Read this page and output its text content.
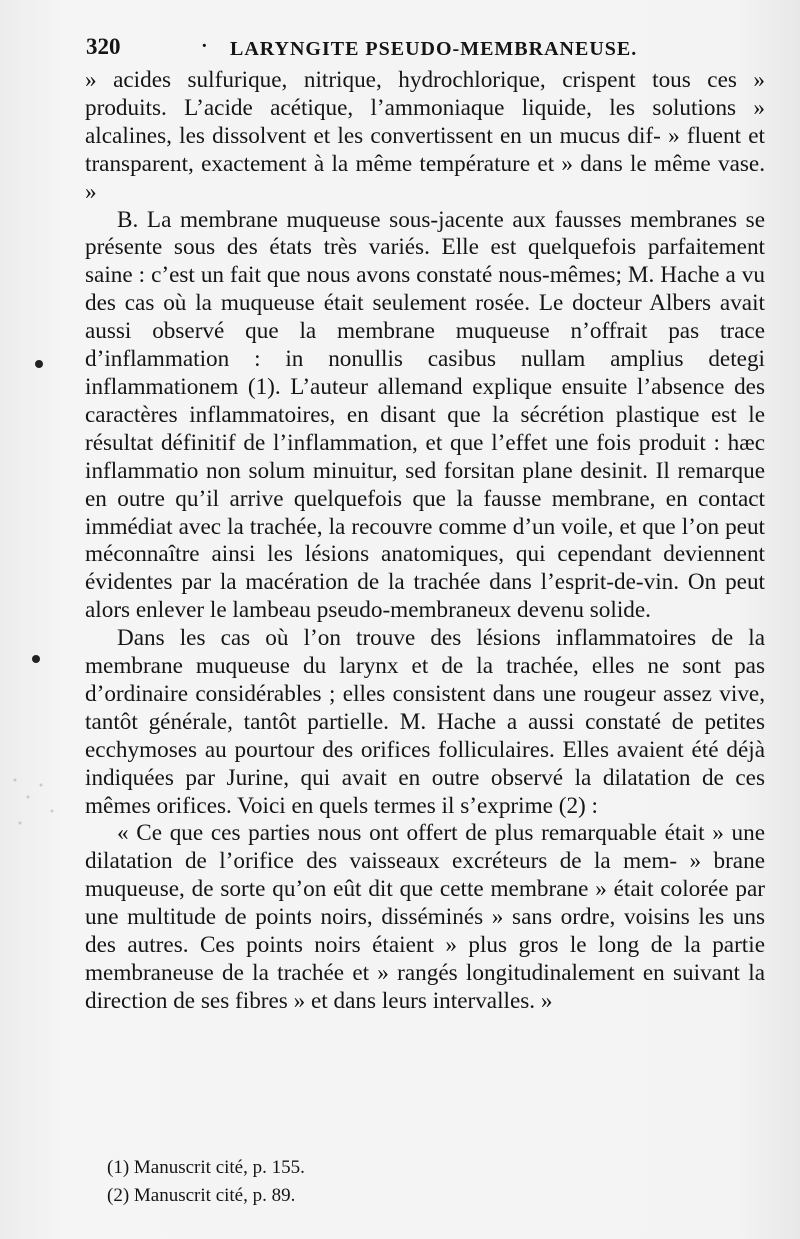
320	· LARYNGITE PSEUDO-MEMBRANEUSE.

» acides sulfurique, nitrique, hydrochlorique, crispent tous ces » produits. L’acide acétique, l’ammoniaque liquide, les solutions » alcalines, les dissolvent et les convertissent en un mucus dif- » fluent et transparent, exactement à la même température et » dans le même vase. »

B. La membrane muqueuse sous-jacente aux fausses membranes se présente sous des états très variés. Elle est quelquefois parfaitement saine : c’est un fait que nous avons constaté nous-mêmes; M. Hache a vu des cas où la muqueuse était seulement rosée. Le docteur Albers avait aussi observé que la membrane muqueuse n’offrait pas trace d’inflammation : in nonullis casibus nullam amplius detegi inflammationem (1). L’auteur allemand explique ensuite l’absence des caractères inflammatoires, en disant que la sécrétion plastique est le résultat définitif de l’inflammation, et que l’effet une fois produit : hæc inflammatio non solum minuitur, sed forsitan plane desinit. Il remarque en outre qu’il arrive quelquefois que la fausse membrane, en contact immédiat avec la trachée, la recouvre comme d’un voile, et que l’on peut méconnaître ainsi les lésions anatomiques, qui cependant deviennent évidentes par la macération de la trachée dans l’esprit-de-vin. On peut alors enlever le lambeau pseudo-membraneux devenu solide.

Dans les cas où l’on trouve des lésions inflammatoires de la membrane muqueuse du larynx et de la trachée, elles ne sont pas d’ordinaire considérables ; elles consistent dans une rougeur assez vive, tantôt générale, tantôt partielle. M. Hache a aussi constaté de petites ecchymoses au pourtour des orifices folliculaires. Elles avaient été déjà indiquées par Jurine, qui avait en outre observé la dilatation de ces mêmes orifices. Voici en quels termes il s’exprime (2) :

« Ce que ces parties nous ont offert de plus remarquable était » une dilatation de l’orifice des vaisseaux excréteurs de la mem- » brane muqueuse, de sorte qu’on eût dit que cette membrane » était colorée par une multitude de points noirs, disséminés » sans ordre, voisins les uns des autres. Ces points noirs étaient » plus gros le long de la partie membraneuse de la trachée et » rangés longitudinalement en suivant la direction de ses fibres » et dans leurs intervalles. »

(1) Manuscrit cité, p. 155.
(2) Manuscrit cité, p. 89.
